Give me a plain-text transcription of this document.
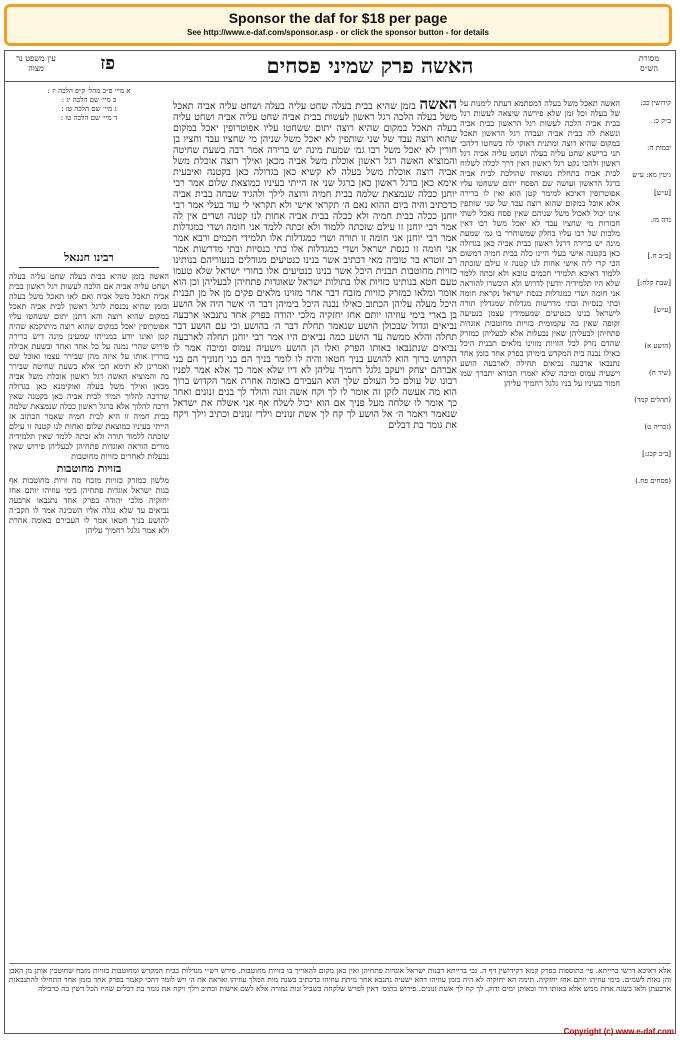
Sponsor the daf for $18 per page
See http://www.e-daf.com/sponsor.asp - or click the sponsor button - for details
מסורת הש״ס
האשה פרק שמיני פסחים
פז
עין משפט נר מצוה
קידושין כב:

ב״ק כ:

יבמות ה:

גיטין מא: ע״ש

[ע״ש]

נדה מז.

[ב״ב ח.]

[שבת קלח:]

[ע״ש]

(הושע א)

(שיר ח)

(תהלים קמד)

(זכריה ט)

[ב״ב קכג:]

(פסחים פח.)
האשה תאכל משל בעלה דמסתמא דעתה לימנות על של בעלה וכל זמן שלא פירשה שיצאה לעשות רגל בבית אביה הלכה לעשות רגל הראשון בבית אביה ונשאת לה בבית אביה ועבדה רגל הראשון תאכל במקום שהיא רוצה ומתנית דאוקי לה בשחטו דלהכי תני ברישא שחט עליה בעלה ושחט עליה אביה רגל ראשון ולהכי נקט רגל ראשון דאין דרך לכלה לשלוח לבית אביה בתחלת נשואיה שהולכת לבית אביה ברגל הראשון ועושה שם הפסח יתום ששחטו עליו אפוטרופין דאיכא למימר קטן הוא ואין לו ברירה אלא אוכל במקום שהוא רוצה עבד של שני שותפין אינו יכול לאכול משל שניהם שאין פסח נאכל לשתי חבורות מי שחציו עבד לא יאכל משל רבו דאין מלכות של רבו עליו בחלק שמשוחרר בו גמ׳ שמעת מינה יש ברירה דרגל ראשון בבית אביה כאן בגדולה כאן בקטנה אישי בעלי היינו כלה בבית חמיה דמשום הכי קרי ליה אישי אחות לנו קטנה זו עילם שזכתה ללמוד דאיכא תלמידי חכמים טובא ולא זכתה ללמד שלא היו תלמידיה יודעין לדרוש ולא הוכשרו להוראה אני חומה ושדי כמגדלות כנסת ישראל נקראת חומה ובתי כנסיות ובתי מדרשות מגדלות שמגדלין תורה לישראל בנינו כנטיעים שמעמידין עצמן כנטיעה זקופה שאין בה עקמומית כזויות מחוטבות אוגדות פתחיהן לבעליהן שאין נבעלות אלא לבעליהן כמזרק שהדם נזרק לכל הזויות מזוינו מלאים תבנית היכל כאילו נבנה בית המקדש בימיהן בפרק אחד בזמן אחד נתנבאו ארבעה נביאים תחילה לארבעה הושע וישעיה עמוס ומיכה שלא יאמרו הבורא יתברך שמו חמור בעיניו על בניו גלגל רחמיך עליהן
האשה בזמן שהיא בבית בעלה שחט עליה בעלה ושחט עליה אביה תאכל משל בעלה הלכה רגל ראשון לעשות בבית אביה שחט עליה אביה ושחט עליה בעלה תאכל במקום שהיא רוצה יתום ששחטו עליו אפוטרופין יאכל במקום שהוא רוצה עבד של שני שותפין לא יאכל משל שניהן מי שחציו עבד וחציו בן חורין לא יאכל משל רבו גמ׳ שמעת מינה יש ברירה אמר רבה בשעת שחיטה והמוציא האשה רגל ראשון אוכלת משל אביה מכאן ואילך רוצה אוכלת משל אביה רוצה אוכלת משל בעלה לא קשיא כאן בגדולה כאן בקטנה ואיבעית אימא כאן ברגל ראשון כאן ברגל שני אז הייתי בעיניו כמוצאת שלום אמר רבי יוחנן ככלה שנמצאת שלמה בבית חמיה ורוצה לילך ולהגיד שבחה בבית אביה כדכתיב והיה ביום ההוא נאם ה׳ תקראי אישי ולא תקראי לי עוד בעלי אמר רבי יוחנן ככלה בבית חמיה ולא ככלה בבית אביה אחות לנו קטנה ושדים אין לה אמר רבי יוחנן זו עילם שזכתה ללמוד ולא זכתה ללמד אני חומה ושדי כמגדלות אמר רבי יוחנן אני חומה זו תורה ושדי כמגדלות אלו תלמידי חכמים ורבא אמר אני חומה זו כנסת ישראל ושדי כמגדלות אלו בתי כנסיות ובתי מדרשות אמר רב זוטרא בר טוביה מאי דכתיב אשר בנינו כנטיעים מגודלים בנעוריהם בנותינו כזויות מחוטבות תבנית היכל אשר בנינו כנטיעים אלו בחורי ישראל שלא טעמו טעם חטא בנותינו כזויות אלו בתולות ישראל שאוגדות פתחיהן לבעליהן וכן הוא אומר ומלאו כמזרק כזויות מזבח דבר אחר מזוינו מלאים פקים מן אל מן תבנית היכל מעלה עליהן הכתוב כאילו נבנה היכל בימיהן דבר ה׳ אשר היה אל הושע בן בארי בימי עוזיהו יותם אחז יחזקיה מלכי יהודה בפרק אחד נתנבאו ארבעה נביאים וגדול שבכולן הושע שנאמר תחלת דבר ה׳ בהושע וכי עם הושע דבר תחלה והלא ממשה עד הושע כמה נביאים היו אמר רבי יוחנן תחלה לארבעה נביאים שנתנבאו באותו הפרק ואלו הן הושע וישעיה עמוס ומיכה אמר לו הקדוש ברוך הוא להושע בניך חטאו והיה לו לומר בניך הם בני חנוניך הם בני אברהם יצחק ויעקב גלגל רחמיך עליהן לא דיו שלא אמר כך אלא אמר לפניו רבונו של עולם כל העולם שלך הוא העבירם באומה אחרת אמר הקדוש ברוך הוא מה אעשה לזקן זה אומר לו לך וקח אשה זונה והולד לך בנים זנונים ואחר כך אומר לו שלחה מעל פניך אם הוא יכול לשלח אף אני אשלח את ישראל שנאמר ויאמר ה׳ אל הושע לך קח לך אשת זנונים וילדי זנונים וכתיב וילך ויקח את גומר בת דבלים
א מיי׳ פ״ב מהל׳ ק״פ הלכה יז :
ב מיי׳ שם הלכה יג :
ג מיי׳ שם הלכה טז :
ד מיי׳ שם הלכה טו :
רבינו חננאל
האשה בזמן שהיא בבית בעלה שחט עליה בעלה ושחט עליה אביה אם הלכה לעשות רגל ראשון בבית אביה תאכל משל אביה ואם לאו תאכל משל בעלה ובזמן שהיא נכנסת לרגל ראשון לבית אביה תאכל במקום שהיא רוצה והא דתנן יתום ששחטו עליו אפוטרופין יאכל במקום שהוא רוצה מיתוקמא שהיה קטן ואינו יודע במנייתו שמעינן מינה דיש ברירה פירוש שהרי נמנה על כל אחד ואחד ובשעת אכילה בוררין אותו על איזה מהן שבירר עצמו ואוכל שם ואמרינן לא תימא הכי אלא בשעת שחיטה שבירר בה והמוציא האשה רגל ראשון אוכלת משל אביה מכאן ואילך משל בעלה ואוקימנא כאן בגדולה שדרכה להלוך תמיד לבית אביה כאן בקטנה שאין דרכה להלוך אלא ברגל ראשון ככלה שנמצאת שלמה בבית חמיה זו היא לבית חמיה שאמר הכתוב אז הייתי בעיניו כמוצאת שלום ואחות לנו קטנה זו עילם שזכתה ללמוד תורה ולא זכתה ללמד שאין תלמידיה מורים הוראה ואוגדות פתחיהן לבעליהן פירוש שאין נבעלות לאחרים כזויות מחוטבות
בזויות מחוטבות
מלשון כמזרק כזויות מזבח מה זויות מחוטבות אף בנות ישראל אוגדות פתחיהן בימי עוזיהו יותם אחז יחזקיה מלכי יהודה בפרק אחד נתנבאו ארבעה נביאים עד שלא נגלה אליו השכינה אמר לו הקב״ה להושע בניך חטאו אמר לו העבירם באומה אחרת ולא אמר גלגל רחמיך עליהן
אלא דאיכא דרשי ברייתא. פי׳ בתוספות בפרק קמא דקידושין דף ה. גבי ברייתא דבנות ישראל אוגדות פתחיהן ואין כאן מקום להאריך בו בזויות מחוטבות. פירש רש״י מגדלות כבית המקדש ומחוטבות כזויות מזבח שחוטבין אותן מן האבן והן נאות לשמים. בימי עוזיהו יותם אחז יחזקיה. תימה הא יחזקיה לא היה בזמן עוזיהו דהא ישעיה נתנבא אחר מיתת עוזיהו כדכתיב בשנת מות המלך עוזיהו ואראה את ה׳ ויש לומר דהכי קאמר בפרק אחד בזמן אחד התחילו להתנבאות ארבעתן ולאו בשנה אחת ממש אלא באותו דור ובאותן ימים ודוק. לך קח לך אשת זנונים. פירוש בתוס׳ דאין לפרש שלקחה בשביל זנות גמורה אלא לשם אישות וכתיב וילך ויקח את גומר בת דבלים שהיו הכל דשין בה כדבילה
Copyright (c) www.e-daf.com
